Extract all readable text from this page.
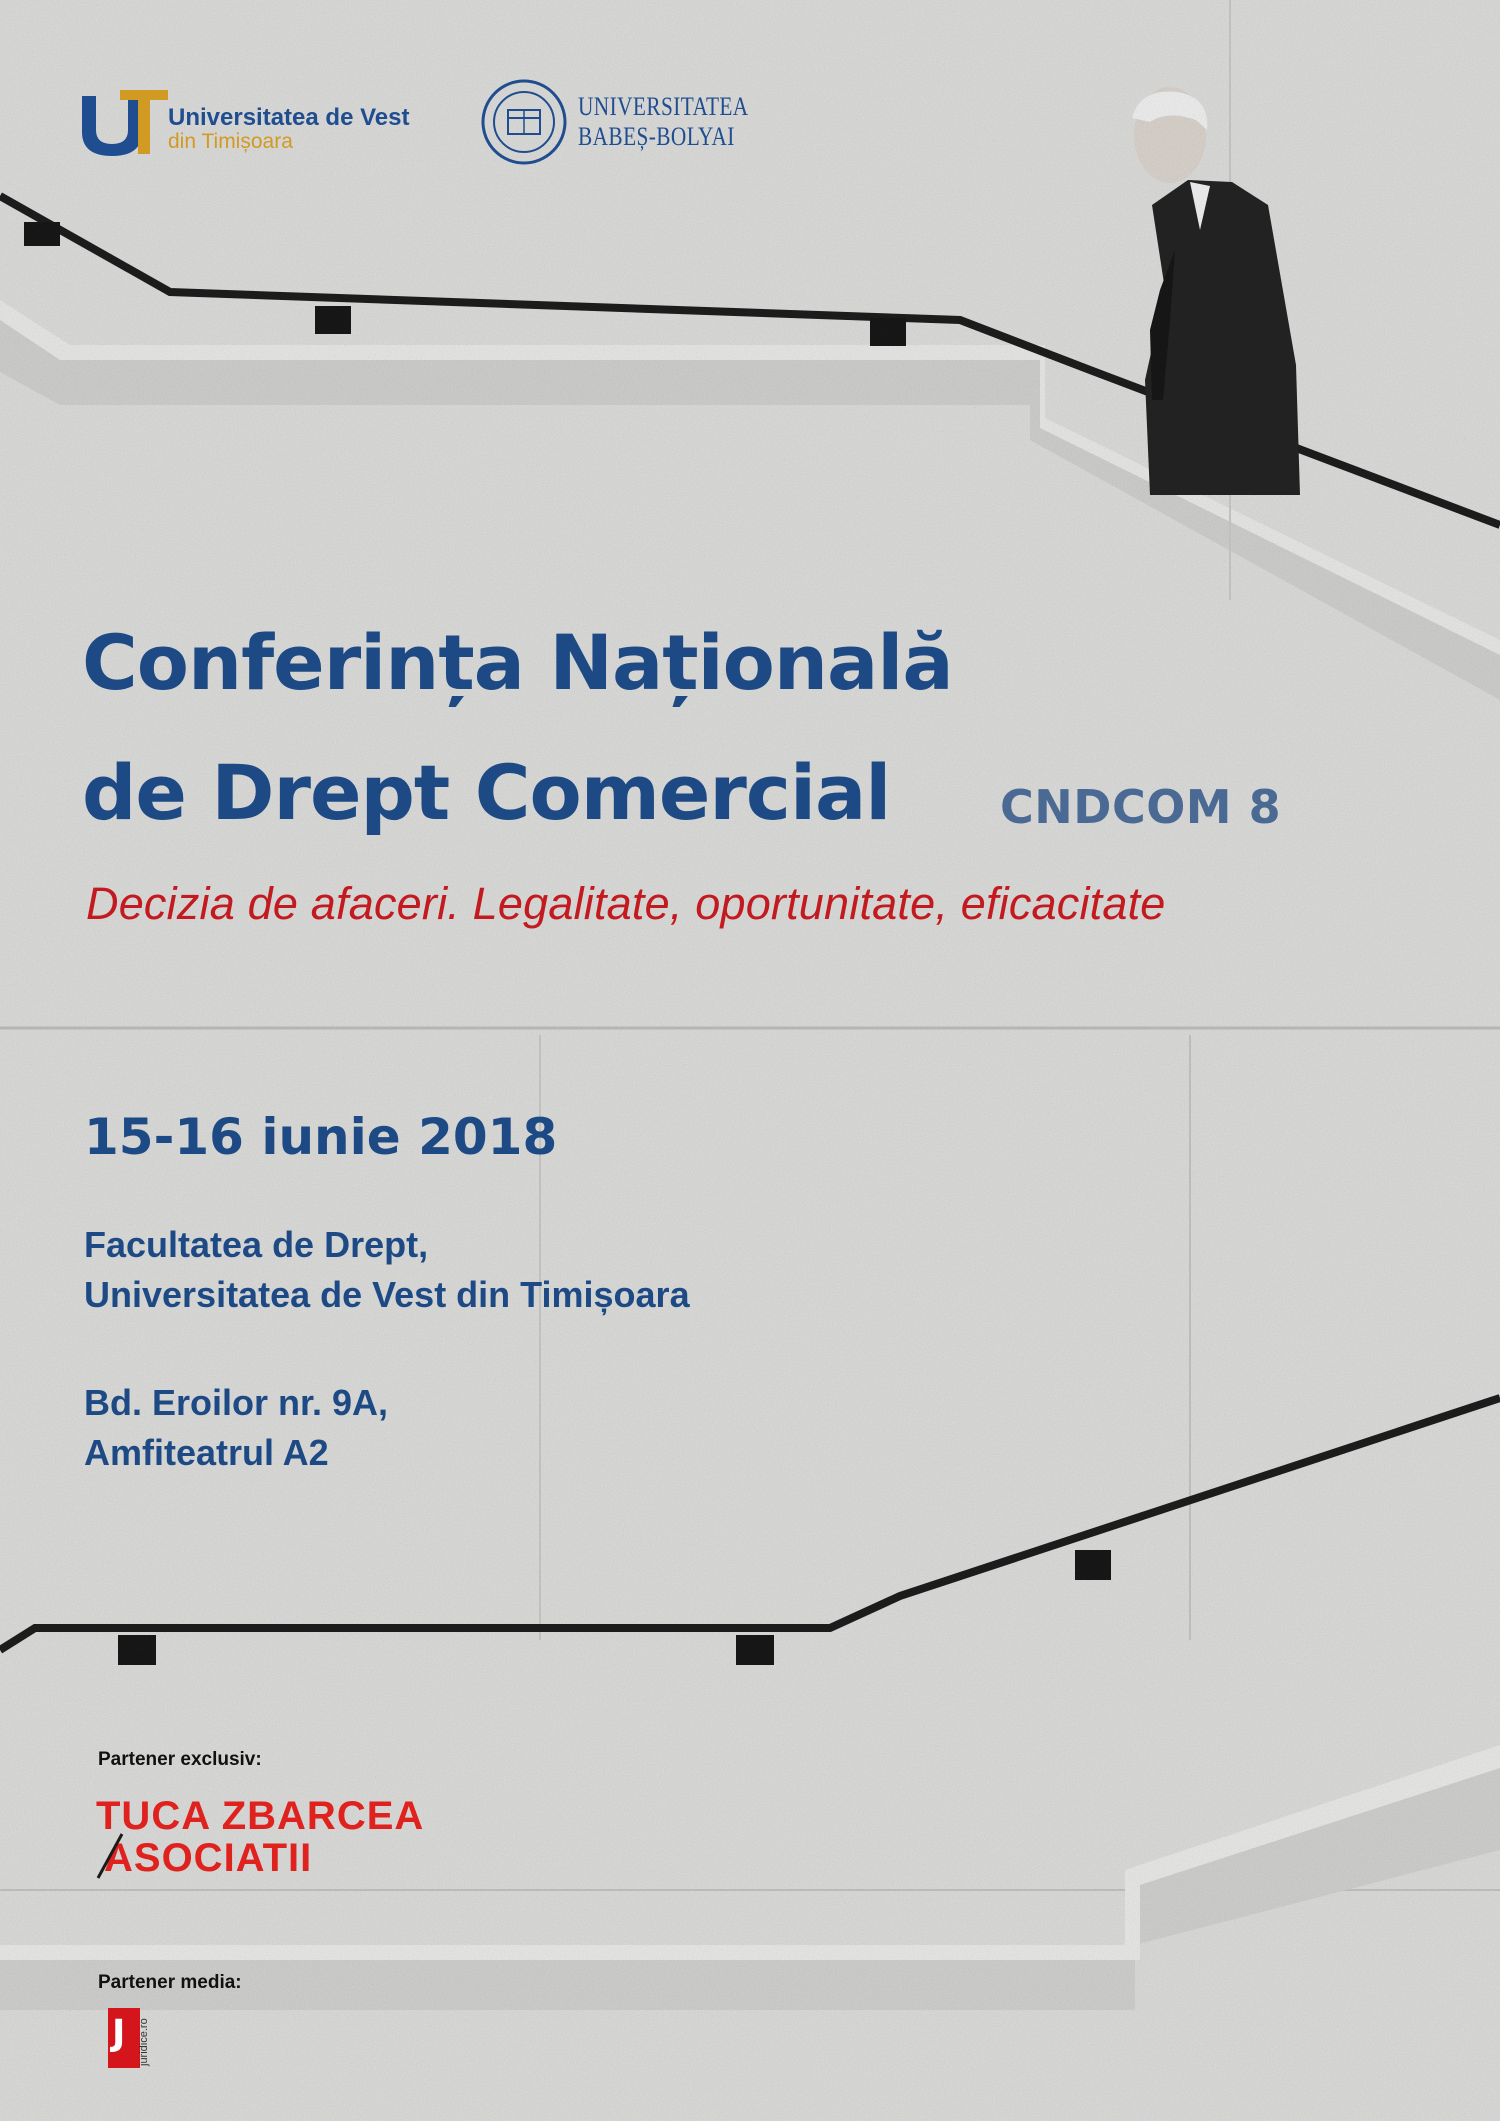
Universitatea de Vest
din Timișoara
UNIVERSITATEA
BABEȘ-BOLYAI
Conferința Națională
de Drept Comercial CNDCOM 8
Decizia de afaceri. Legalitate, oportunitate, eficacitate
15-16 iunie 2018
Facultatea de Drept,
Universitatea de Vest din Timișoara
Bd. Eroilor nr. 9A,
Amfiteatrul A2
Partener exclusiv:
TUCA ZBARCEA
ASOCIATII
Partener media:
J juridice.ro
